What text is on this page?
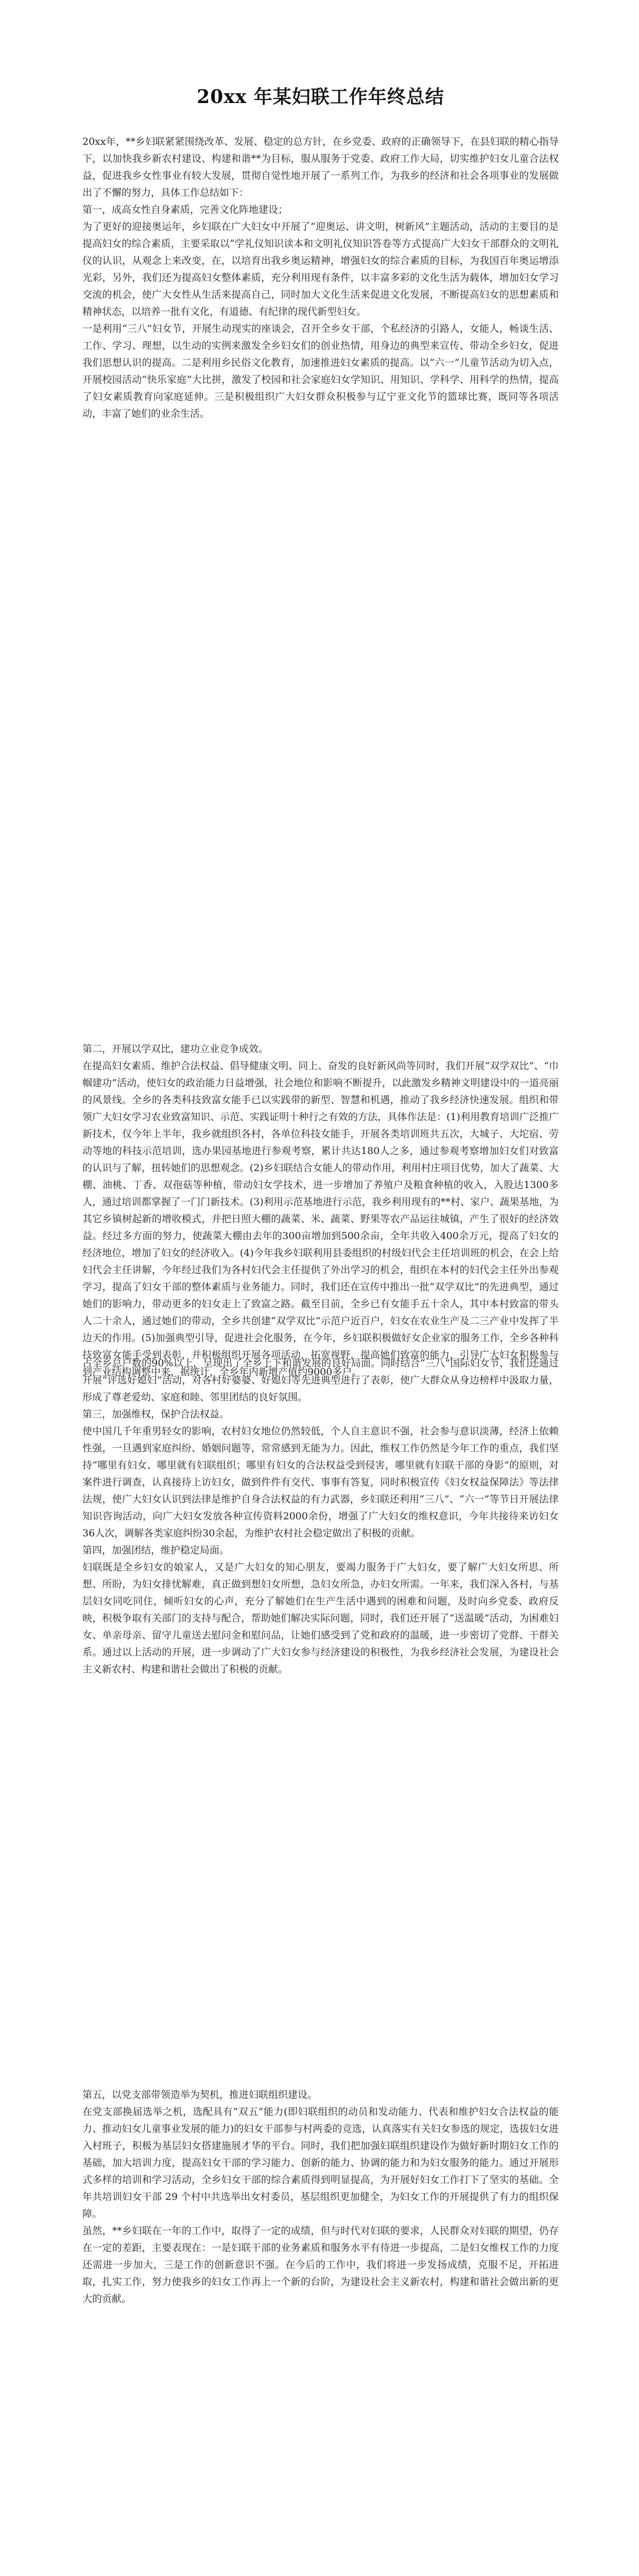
20xx 年某妇联工作年终总结

20xx年，**乡妇联紧紧围绕改革、发展、稳定的总方针，在乡党委、政府的正确领导下，在县妇联的精心指导下，以加快我乡新农村建设、构建和谐**为目标，服从服务于党委、政府工作大局，切实维护妇女儿童合法权益，促进我乡女性事业有较大发展，贯彻自觉性地开展了一系列工作，为我乡的经济和社会各项事业的发展做出了不懈的努力，具体工作总结如下：

第一，成高女性自身素质，完善文化阵地建设；

为了更好的迎接奥运年，乡妇联在广大妇女中开展了“迎奥运、讲文明，树新风”主题活动，活动的主要目的是提高妇女的综合素质，主要采取以“学礼仪知识读本和文明礼仪知识答卷等方式提高广大妇女干部群众的文明礼仪的认识，从观念上来改变，在，以培育出我乡奥运精神，增强妇女的综合素质的目标，为我国百年奥运增添光彩，另外，我们还为提高妇女整体素质，充分利用现有条件，以丰富多彩的文化生活为载体，增加妇女学习交流的机会，使广大女性从生活来提高自己，同时加大文化生活来促进文化发展，不断提高妇女的思想素质和精神状态，以培养一批有文化，有道德、有纪律的现代新型妇女。

一是利用“三八”妇女节，开展生动现实的座谈会，召开全乡女干部，个私经济的引路人，女能人，畅谈生活、工作、学习、理想，以生动的实例来激发全乡妇女们的创业热情，用身边的典型来宣传、带动全乡妇女，促进我们思想认识的提高。二是利用乡民俗文化教育，加速推进妇女素质的提高。以“六一”儿童节活动为切入点，开展校园活动“快乐家庭”大比拼，激发了校园和社会家庭妇女学知识、用知识、学科学、用科学的热情，提高了妇女素质教育向家庭延伸。三是积极组织广大妇女群众积极参与辽宁亚文化节的篮球比赛，既同等各项活动，丰富了她们的业余生活。

第二，开展以学双比，建功立业竞争成效。

在提高妇女素质、维护合法权益、倡导健康文明、同上、奋发的良好新风尚等同时，我们开展“双学双比”、“巾帼建功”活动，使妇女的政治能力日益增强，社会地位和影响不断提升，以此激发乡精神文明建设中的一道亮丽的风景线。全乡的各类科技致富女能手已以实践带的新型、智慧和机遇，推动了我乡经济快速发展。组织和带领广大妇女学习农业致富知识、示范、实践证明十种行之有效的方法，具体作法是：(1)利用教育培训广泛推广新技术，仅今年上半年，我乡就组织各村，各单位科技女能手，开展各类培训班共五次，大城子、大坨宿、劳动等地的科技示范培训，选办果园基地进行参观考察，累计共达180人之多，通过参观考察增加妇女们对致富的认识与了解，扭转她们的思想观念。(2)乡妇联结合女能人的带动作用，利用村庄项目优势，加大了蔬菜、大棚、油桃、丁香、双孢菇等种植，带动妇女学技术，进一步增加了养殖户及粮食种植的收入，入股达1300多人，通过培训都掌握了一门门新技术。(3)利用示范基地进行示范，我乡利用现有的**村、家户、蔬果基地，为其它乡镇树起新的增收模式，并把日照大棚的蔬菜、米、蔬菜、野果等农产品运往城镇，产生了很好的经济效益。经过多方面的努力，使蔬菜大棚由去年的300亩增加到500余亩，全年共收入400余万元，提高了妇女的经济地位，增加了妇女的经济收入。(4)今年我乡妇联利用县委组织的村级妇代会主任培训班的机会，在会上给妇代会主任讲解，今年经过我们为各村妇代会主任提供了外出学习的机会，组织在本村的妇代会主任外出参观学习，提高了妇女干部的整体素质与业务能力。同时，我们还在宣传中推出一批“双学双比”的先进典型，通过她们的影响力，带动更多的妇女走上了致富之路。截至目前，全乡已有女能手五十余人，其中本村致富的带头人二十余人，通过她们的带动，全乡共创建“双学双比”示范户近百户，妇女在农业生产及二三产业中发挥了半边天的作用。(5)加强典型引导，促进社会化服务，在今年，乡妇联积极做好女企业家的服务工作，全乡各种科技致富女能手受到表彰，并积极组织开展各项活动，拓宽视野，提高她们致富的能力，引导广大妇女积极参与到产业结构调整中来，据统计，全乡年内新增产值约9000多户。

占全乡总户数的90%以上，呈现出了全乡上下和谐发展的良好局面。同时结合“三八”国际妇女节，我们还通过开展“评选好媳妇”活动，对各村好婆婆、好媳妇等先进典型进行了表彰，使广大群众从身边榜样中汲取力量，形成了尊老爱幼、家庭和睦、邻里团结的良好氛围。

第三，加强维权，保护合法权益。

使中国几千年重男轻女的影响，农村妇女地位仍然较低，个人自主意识不强，社会参与意识淡薄，经济上依赖性强，一旦遇到家庭纠纷、婚姻问题等，常常感到无能为力。因此，维权工作仍然是今年工作的重点，我们坚持“哪里有妇女、哪里就有妇联组织；哪里有妇女的合法权益受到侵害，哪里就有妇联干部的身影”的原则，对案件进行调查，认真接待上访妇女，做到件件有交代、事事有答复，同时积极宣传《妇女权益保障法》等法律法规，使广大妇女认识到法律是维护自身合法权益的有力武器，乡妇联还利用“三八”、“六一”等节日开展法律知识咨询活动，向广大妇女发放各种宣传资料2000余份，增强了广大妇女的维权意识，今年共接待来访妇女36人次，调解各类家庭纠纷30余起，为维护农村社会稳定做出了积极的贡献。

第四，加强团结，维护稳定局面。

妇联既是全乡妇女的娘家人，又是广大妇女的知心朋友，要竭力服务于广大妇女，要了解广大妇女所思、所想、所盼，为妇女排忧解难，真正做到想妇女所想，急妇女所急，办妇女所需。一年来，我们深入各村，与基层妇女同吃同住，倾听妇女的心声，充分了解她们在生产生活中遇到的困难和问题，及时向乡党委、政府反映，积极争取有关部门的支持与配合，帮助她们解决实际问题，同时，我们还开展了“送温暖”活动，为困难妇女、单亲母亲、留守儿童送去慰问金和慰问品，让她们感受到了党和政府的温暖，进一步密切了党群、干群关系。通过以上活动的开展，进一步调动了广大妇女参与经济建设的积极性，为我乡经济社会发展，为建设社会主义新农村、构建和谐社会做出了积极的贡献。

第五，以党支部带领造举为契机，推进妇联组织建设。

在党支部换届选举之机，选配具有“双五”能力(即妇联组织的动员和发动能力、代表和维护妇女合法权益的能力、推动妇女儿童事业发展的能力)的妇女干部参与村两委的竞选，认真落实有关妇女参选的规定，选拔妇女进入村班子，积极为基层妇女搭建施展才华的平台。同时，我们把加强妇联组织建设作为做好新时期妇女工作的基础，加大培训力度，提高妇女干部的学习能力、创新的能力、协调的能力和为妇女服务的能力。通过开展形式多样的培训和学习活动，全乡妇女干部的综合素质得到明显提高，为开展好妇女工作打下了坚实的基础。全年共培训妇女干部 29 个村中共选举出女村委员，基层组织更加健全，为妇女工作的开展提供了有力的组织保障。

虽然，**乡妇联在一年的工作中，取得了一定的成绩，但与时代对妇联的要求，人民群众对妇联的期望，仍存在一定的差距，主要表现在：一是妇联干部的业务素质和服务水平有待进一步提高，二是妇女维权工作的力度还需进一步加大，三是工作的创新意识不强。在今后的工作中，我们将进一步发扬成绩，克服不足，开拓进取，扎实工作，努力使我乡的妇女工作再上一个新的台阶，为建设社会主义新农村，构建和谐社会做出新的更大的贡献。
